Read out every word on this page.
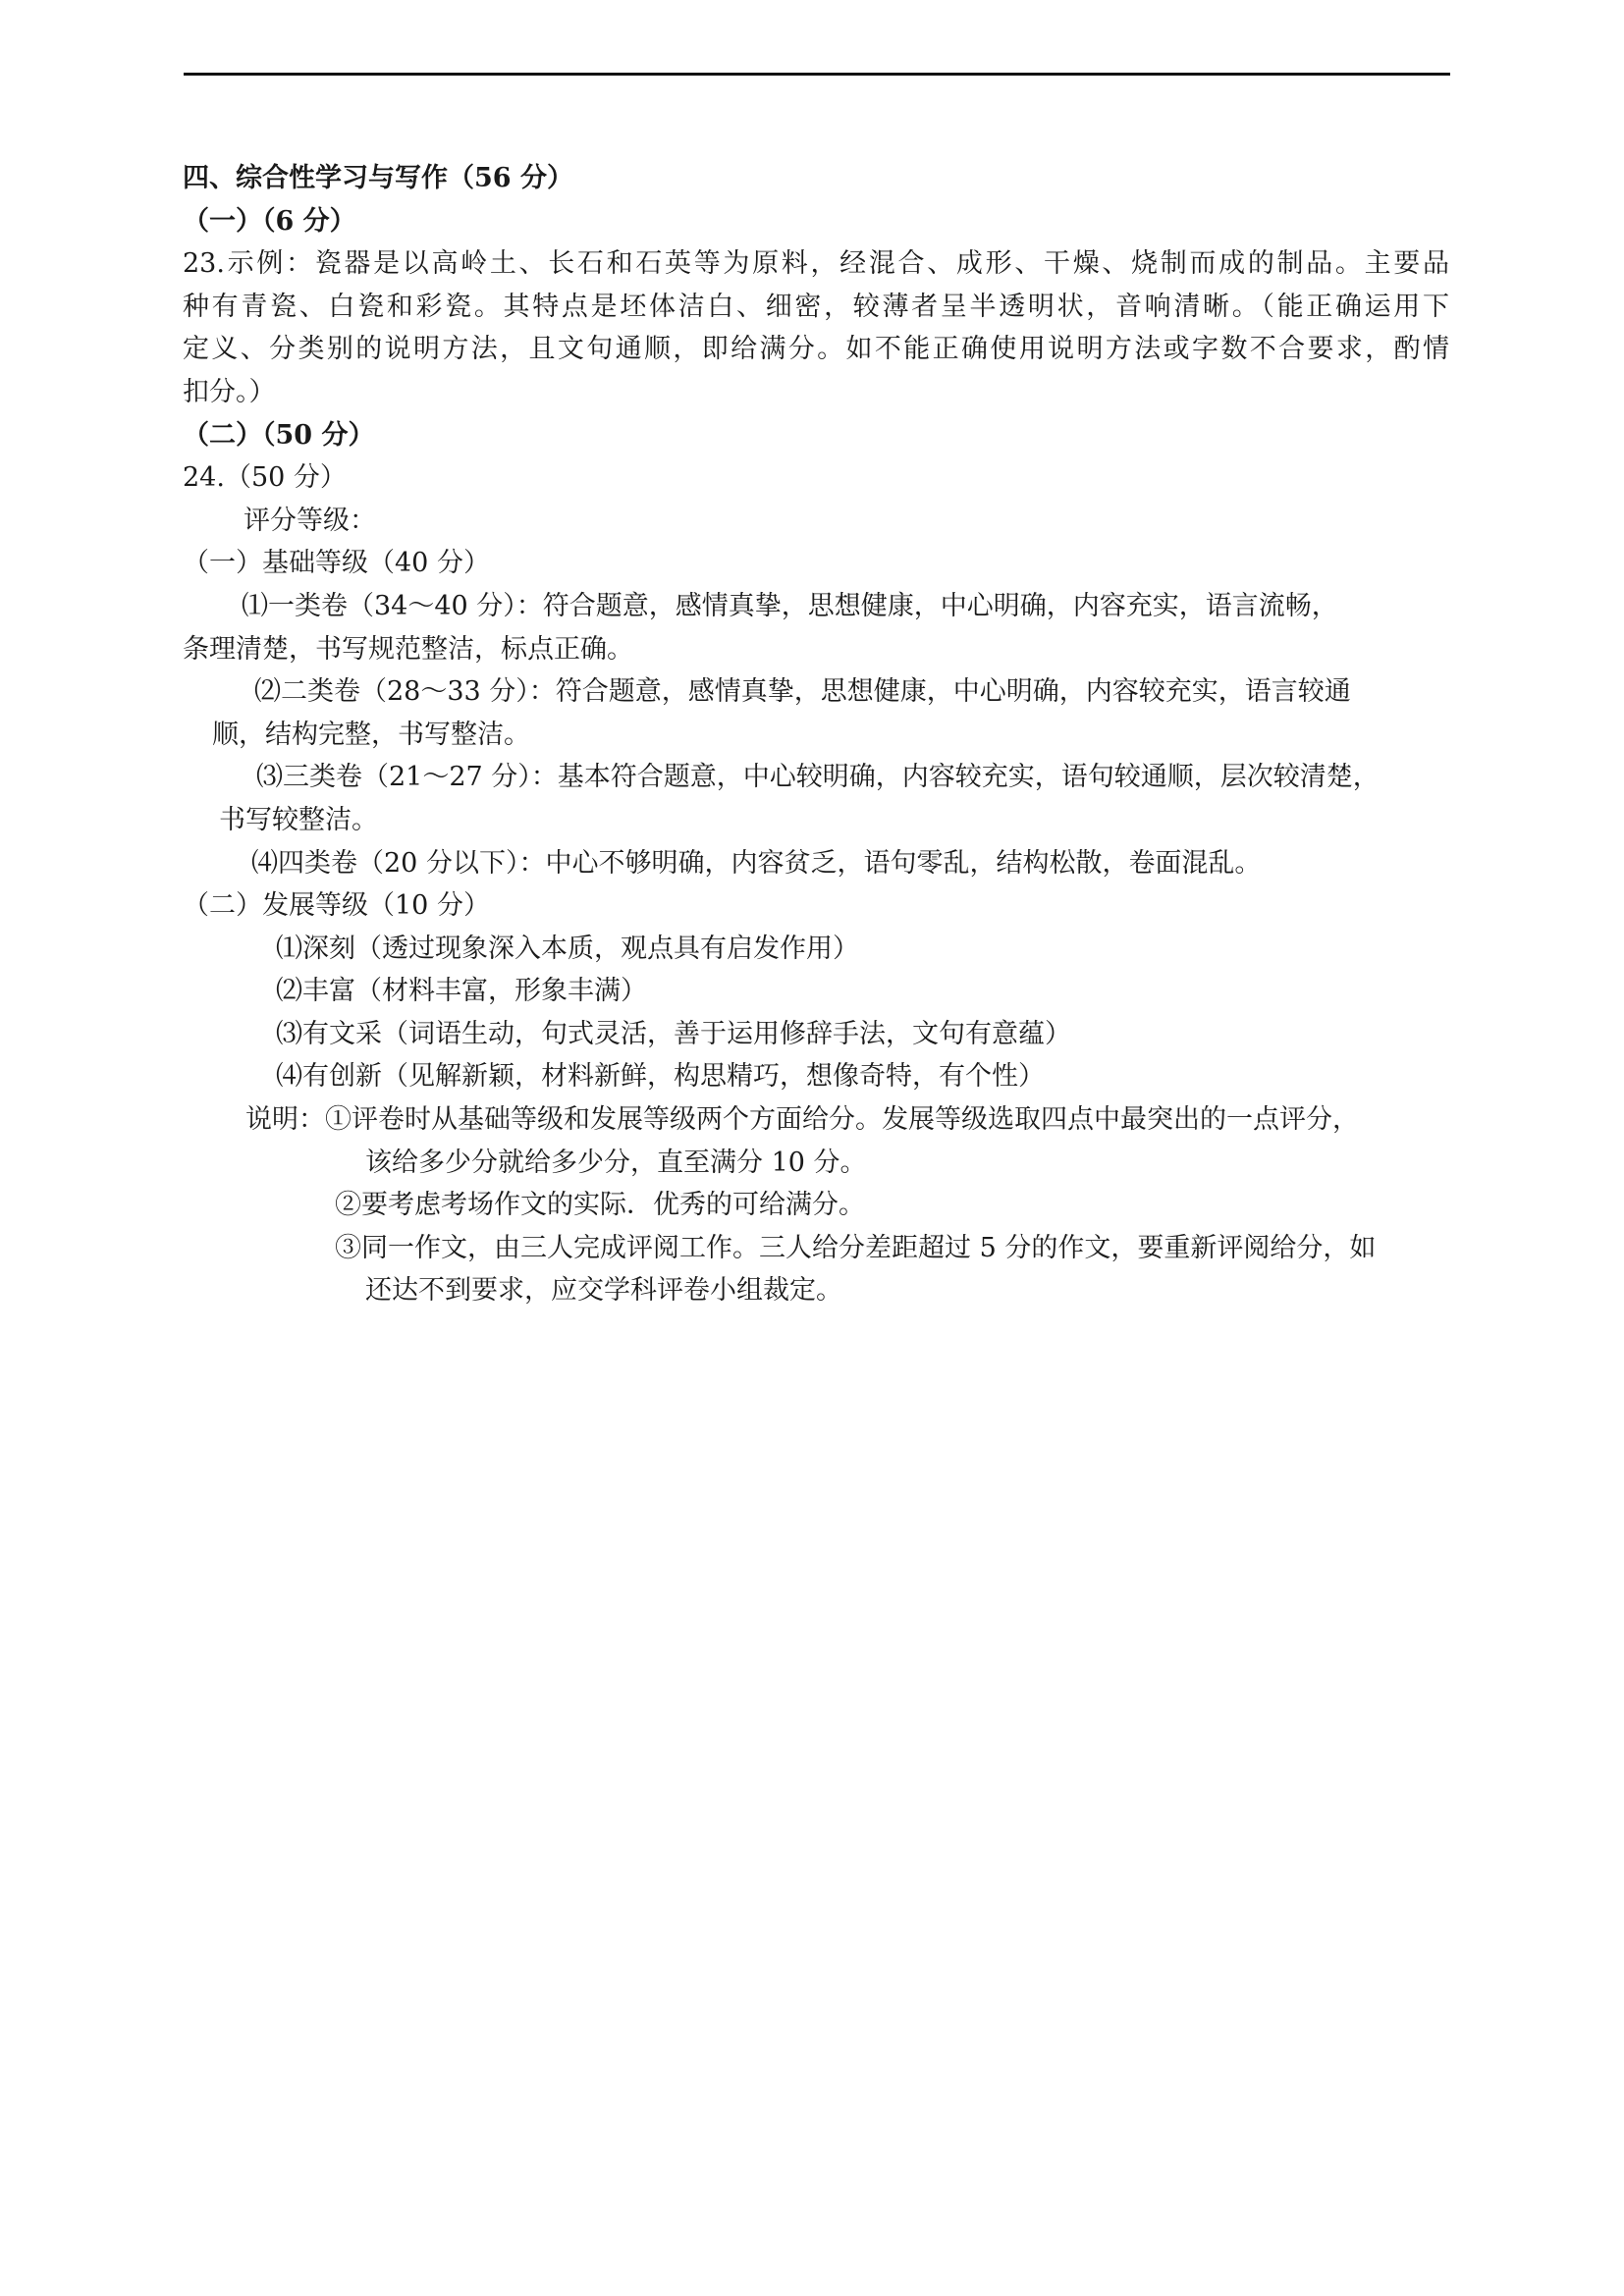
四、综合性学习与写作（56 分）
（一）（6 分）
23.示例：瓷器是以高岭土、长石和石英等为原料，经混合、成形、干燥、烧制而成的制品。主要品
种有青瓷、白瓷和彩瓷。其特点是坯体洁白、细密，较薄者呈半透明状，音响清晰。（能正确运用下
定义、分类别的说明方法，且文句通顺，即给满分。如不能正确使用说明方法或字数不合要求，酌情
扣分。）
（二）（50 分）
24.（50 分）
评分等级：
（一）基础等级（40 分）
⑴一类卷（34～40 分）：符合题意，感情真挚，思想健康，中心明确，内容充实，语言流畅，
条理清楚，书写规范整洁，标点正确。
⑵二类卷（28～33 分）：符合题意，感情真挚，思想健康，中心明确，内容较充实，语言较通
顺，结构完整，书写整洁。
⑶三类卷（21～27 分）：基本符合题意，中心较明确，内容较充实，语句较通顺，层次较清楚，
书写较整洁。
⑷四类卷（20 分以下）：中心不够明确，内容贫乏，语句零乱，结构松散，卷面混乱。
（二）发展等级（10 分）
⑴深刻（透过现象深入本质，观点具有启发作用）
⑵丰富（材料丰富，形象丰满）
⑶有文采（词语生动，句式灵活，善于运用修辞手法，文句有意蕴）
⑷有创新（见解新颖，材料新鲜，构思精巧，想像奇特，有个性）
说明：①评卷时从基础等级和发展等级两个方面给分。发展等级选取四点中最突出的一点评分，
该给多少分就给多少分，直至满分 10 分。
②要考虑考场作文的实际．优秀的可给满分。
③同一作文，由三人完成评阅工作。三人给分差距超过 5 分的作文，要重新评阅给分，如
还达不到要求，应交学科评卷小组裁定。
